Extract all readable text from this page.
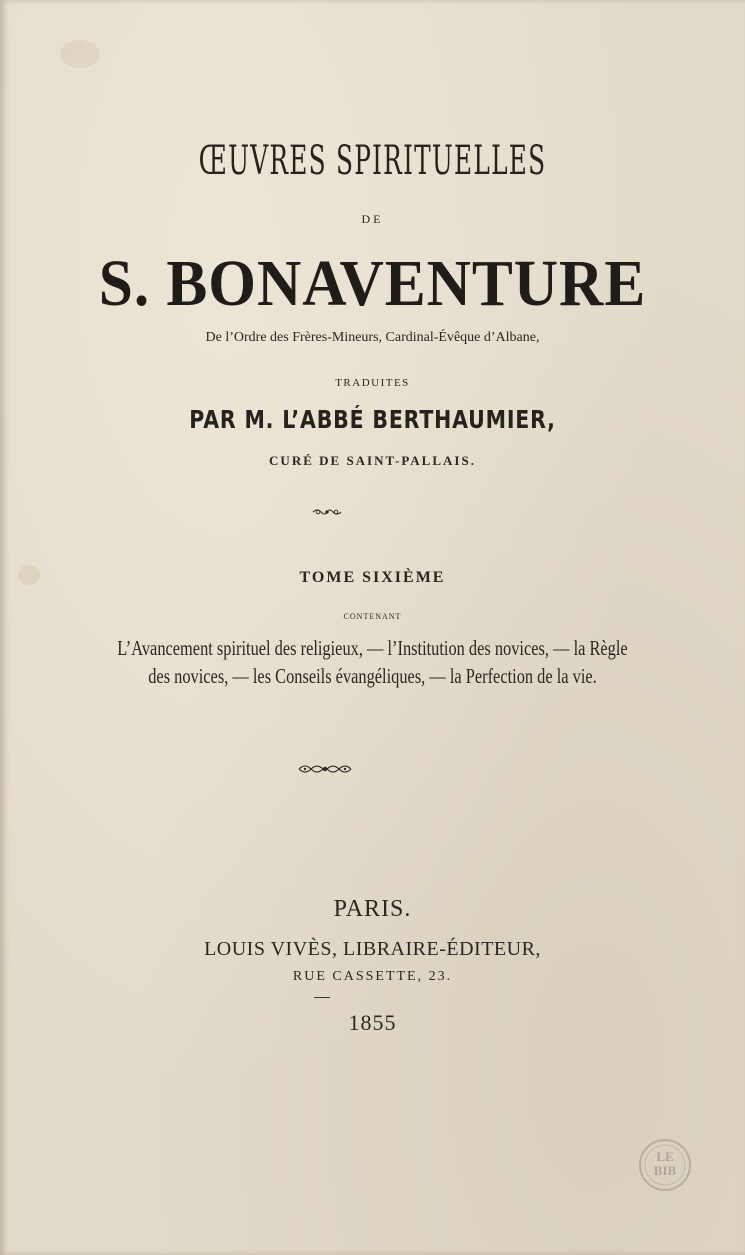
ŒUVRES SPIRITUELLES
DE
S. BONAVENTURE
De l’Ordre des Frères-Mineurs, Cardinal-Évêque d’Albane,
TRADUITES
PAR M. L’ABBÉ BERTHAUMIER,
CURÉ DE SAINT-PALLAIS.
TOME SIXIÈME
CONTENANT
L’Avancement spirituel des religieux, — l’Institution des novices, — la Règle
des novices, — les Conseils évangéliques, — la Perfection de la vie.
PARIS.
LOUIS VIVÈS, LIBRAIRE-ÉDITEUR,
RUE CASSETTE, 23.
1855
LE
BIB
